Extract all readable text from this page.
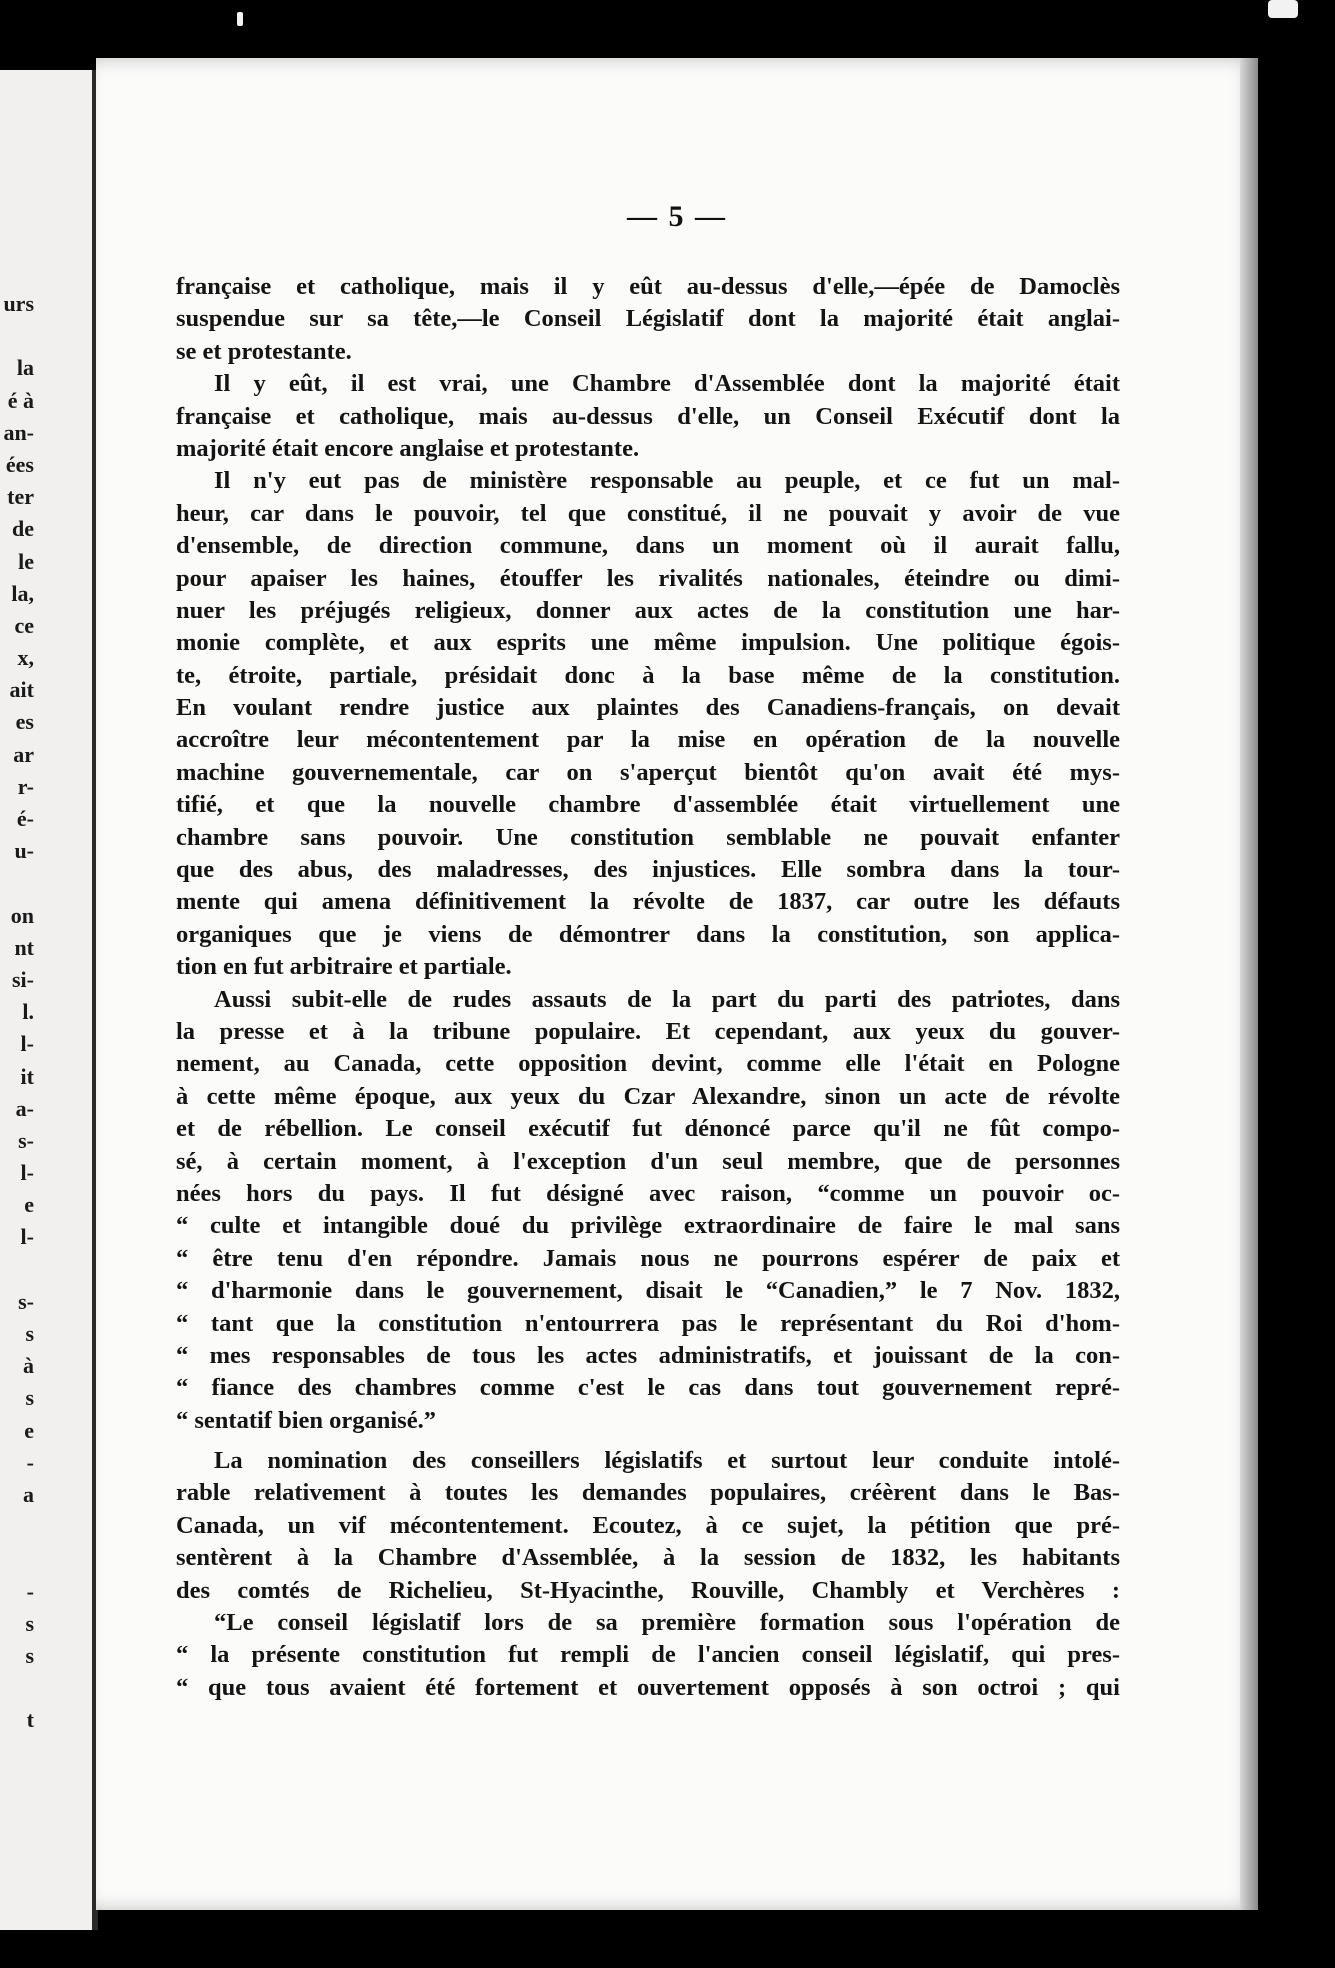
urs
la
é à
an-
ées
ter
de
le
la,
ce
x,
ait
es
ar
r-
é-
u-
on
nt
si-
l.
l-
it
a-
s-
l-
e
l-
s-
s
à
s
e
-
a
-
s
s
t
— 5 —
française et catholique, mais il y eût au-dessus d'elle,—épée de Damoclès
suspendue sur sa tête,—le Conseil Législatif dont la majorité était anglai-
se et protestante.
Il y eût, il est vrai, une Chambre d'Assemblée dont la majorité était
française et catholique, mais au-dessus d'elle, un Conseil Exécutif dont la
majorité était encore anglaise et protestante.
Il n'y eut pas de ministère responsable au peuple, et ce fut un mal-
heur, car dans le pouvoir, tel que constitué, il ne pouvait y avoir de vue
d'ensemble, de direction commune, dans un moment où il aurait fallu,
pour apaiser les haines, étouffer les rivalités nationales, éteindre ou dimi-
nuer les préjugés religieux, donner aux actes de la constitution une har-
monie complète, et aux esprits une même impulsion. Une politique égois-
te, étroite, partiale, présidait donc à la base même de la constitution.
En voulant rendre justice aux plaintes des Canadiens-français, on devait
accroître leur mécontentement par la mise en opération de la nouvelle
machine gouvernementale, car on s'aperçut bientôt qu'on avait été mys-
tifié, et que la nouvelle chambre d'assemblée était virtuellement une
chambre sans pouvoir. Une constitution semblable ne pouvait enfanter
que des abus, des maladresses, des injustices. Elle sombra dans la tour-
mente qui amena définitivement la révolte de 1837, car outre les défauts
organiques que je viens de démontrer dans la constitution, son applica-
tion en fut arbitraire et partiale.
Aussi subit-elle de rudes assauts de la part du parti des patriotes, dans
la presse et à la tribune populaire. Et cependant, aux yeux du gouver-
nement, au Canada, cette opposition devint, comme elle l'était en Pologne
à cette même époque, aux yeux du Czar Alexandre, sinon un acte de révolte
et de rébellion. Le conseil exécutif fut dénoncé parce qu'il ne fût compo-
sé, à certain moment, à l'exception d'un seul membre, que de personnes
nées hors du pays. Il fut désigné avec raison, “comme un pouvoir oc-
“ culte et intangible doué du privilège extraordinaire de faire le mal sans
“ être tenu d'en répondre. Jamais nous ne pourrons espérer de paix et
“ d'harmonie dans le gouvernement, disait le “Canadien,” le 7 Nov. 1832,
“ tant que la constitution n'entourrera pas le représentant du Roi d'hom-
“ mes responsables de tous les actes administratifs, et jouissant de la con-
“ fiance des chambres comme c'est le cas dans tout gouvernement repré-
“ sentatif bien organisé.”
La nomination des conseillers législatifs et surtout leur conduite intolé-
rable relativement à toutes les demandes populaires, créèrent dans le Bas-
Canada, un vif mécontentement. Ecoutez, à ce sujet, la pétition que pré-
sentèrent à la Chambre d'Assemblée, à la session de 1832, les habitants
des comtés de Richelieu, St-Hyacinthe, Rouville, Chambly et Verchères :
“Le conseil législatif lors de sa première formation sous l'opération de
“ la présente constitution fut rempli de l'ancien conseil législatif, qui pres-
“ que tous avaient été fortement et ouvertement opposés à son octroi ; qui
